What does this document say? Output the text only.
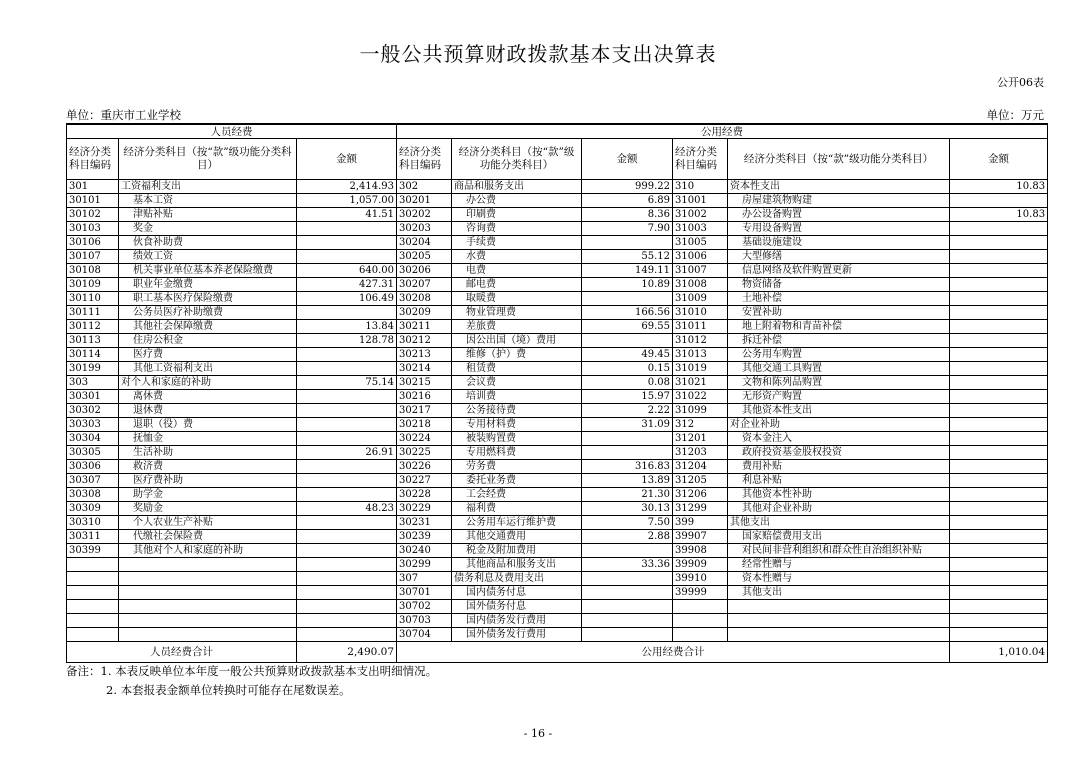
一般公共预算财政拨款基本支出决算表
公开06表
单位：重庆市工业学校	单位：万元
人员经费			公用经费					
经济分类科目编码	经济分类科目（按“款”级功能分类科目）	金额	经济分类科目编码	经济分类科目（按“款”级功能分类科目）	金额	经济分类科目编码	经济分类科目（按“款”级功能分类科目）	金额
301	工资福利支出	2,414.93	302	商品和服务支出	999.22	310	资本性支出	10.83
30101	基本工资	1,057.00	30201	办公费	6.89	31001	房屋建筑物购建	
30102	津贴补贴	41.51	30202	印刷费	8.36	31002	办公设备购置	10.83
30103	奖金		30203	咨询费	7.90	31003	专用设备购置	
30106	伙食补助费		30204	手续费		31005	基础设施建设	
30107	绩效工资		30205	水费	55.12	31006	大型修缮	
30108	机关事业单位基本养老保险缴费	640.00	30206	电费	149.11	31007	信息网络及软件购置更新	
30109	职业年金缴费	427.31	30207	邮电费	10.89	31008	物资储备	
30110	职工基本医疗保险缴费	106.49	30208	取暖费		31009	土地补偿	
30111	公务员医疗补助缴费		30209	物业管理费	166.56	31010	安置补助	
30112	其他社会保障缴费	13.84	30211	差旅费	69.55	31011	地上附着物和青苗补偿	
30113	住房公积金	128.78	30212	因公出国（境）费用		31012	拆迁补偿	
30114	医疗费		30213	维修（护）费	49.45	31013	公务用车购置	
30199	其他工资福利支出		30214	租赁费	0.15	31019	其他交通工具购置	
303	对个人和家庭的补助	75.14	30215	会议费	0.08	31021	文物和陈列品购置	
30301	离休费		30216	培训费	15.97	31022	无形资产购置	
30302	退休费		30217	公务接待费	2.22	31099	其他资本性支出	
30303	退职（役）费		30218	专用材料费	31.09	312	对企业补助	
30304	抚恤金		30224	被装购置费		31201	资本金注入	
30305	生活补助	26.91	30225	专用燃料费		31203	政府投资基金股权投资	
30306	救济费		30226	劳务费	316.83	31204	费用补贴	
30307	医疗费补助		30227	委托业务费	13.89	31205	利息补贴	
30308	助学金		30228	工会经费	21.30	31206	其他资本性补助	
30309	奖励金	48.23	30229	福利费	30.13	31299	其他对企业补助	
30310	个人农业生产补贴		30231	公务用车运行维护费	7.50	399	其他支出	
30311	代缴社会保险费		30239	其他交通费用	2.88	39907	国家赔偿费用支出	
30399	其他对个人和家庭的补助		30240	税金及附加费用		39908	对民间非营利组织和群众性自治组织补贴	
			30299	其他商品和服务支出	33.36	39909	经常性赠与	
			307	债务利息及费用支出		39910	资本性赠与	
			30701	国内债务付息		39999	其他支出	
			30702	国外债务付息				
			30703	国内债务发行费用				
			30704	国外债务发行费用				
人员经费合计		2,490.07	公用经费合计					1,010.04
备注：1. 本表反映单位本年度一般公共预算财政拨款基本支出明细情况。
2. 本套报表金额单位转换时可能存在尾数误差。
- 16 -
